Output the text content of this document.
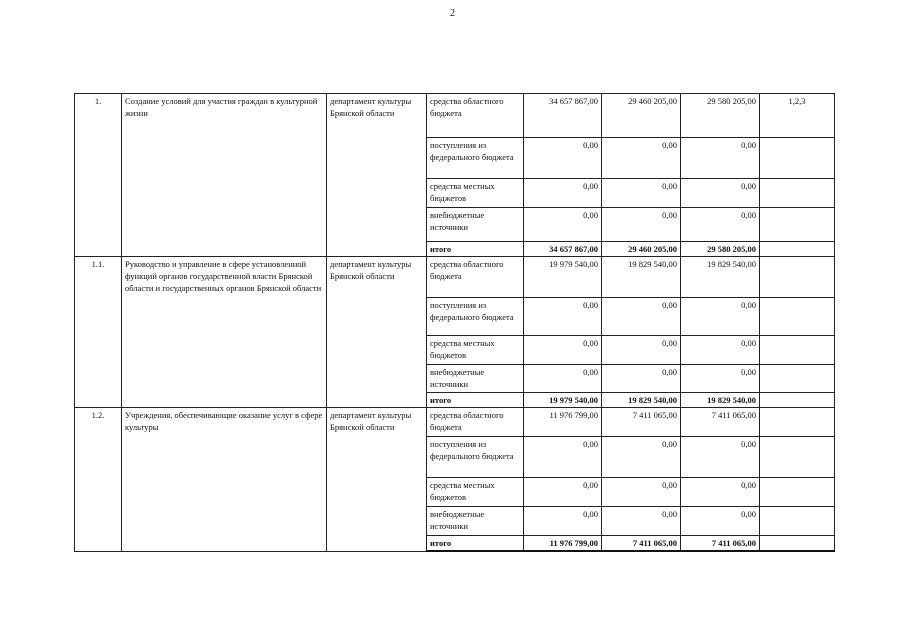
2
1.	Создание условий для участия граждан в культурной жизни	департамент культуры Брянской области	средства областного бюджета	34 657 867,00	29 460 205,00	29 580 205,00	1,2,3
			поступления из федерального бюджета	0,00	0,00	0,00	
			средства местных бюджетов	0,00	0,00	0,00	
			внебюджетные источники	0,00	0,00	0,00	
			итого	34 657 867,00	29 460 205,00	29 580 205,00	
1.1.	Руководство и управление в сфере установленной функций органов государственной власти Брянской области и государственных органов Брянской области	департамент культуры Брянской области	средства областного бюджета	19 979 540,00	19 829 540,00	19 829 540,00	
			поступления из федерального бюджета	0,00	0,00	0,00	
			средства местных бюджетов	0,00	0,00	0,00	
			внебюджетные источники	0,00	0,00	0,00	
			итого	19 979 540,00	19 829 540,00	19 829 540,00	
1.2.	Учреждения, обеспечивающие оказание услуг в сфере культуры	департамент культуры Брянской области	средства областного бюджета	11 976 799,00	7 411 065,00	7 411 065,00	
			поступления из федерального бюджета	0,00	0,00	0,00	
			средства местных бюджетов	0,00	0,00	0,00	
			внебюджетные источники	0,00	0,00	0,00	
			итого	11 976 799,00	7 411 065,00	7 411 065,00	
